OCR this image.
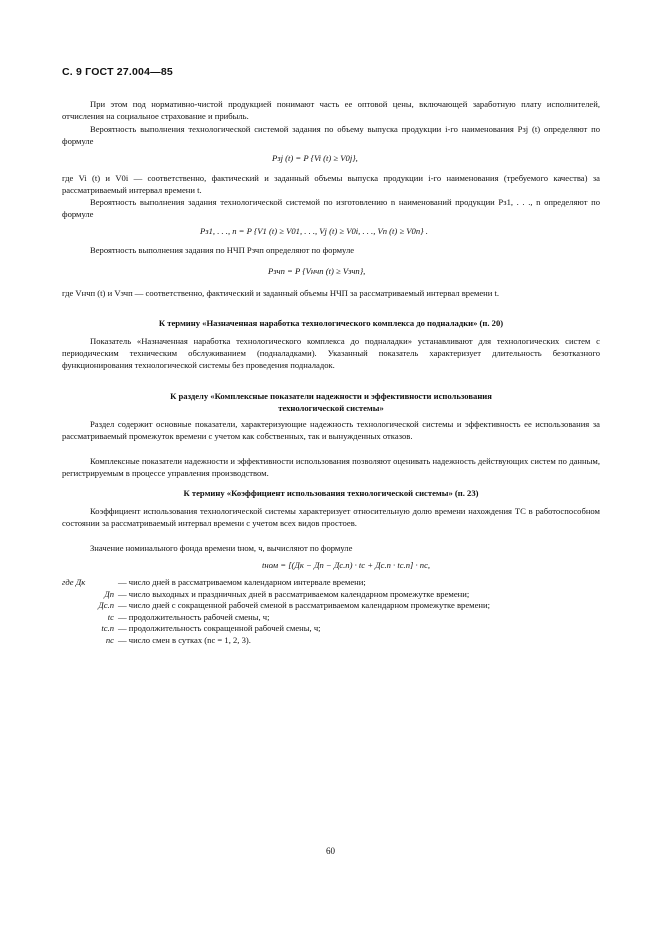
С. 9 ГОСТ 27.004—85
При этом под нормативно-чистой продукцией понимают часть ее оптовой цены, включающей заработную плату исполнителей, отчисления на социальное страхование и прибыль.
Вероятность выполнения технологической системой задания по объему выпуска продукции i-го наименования Pзj (t) определяют по формуле
Pзj (t) = P {Vi (t) ≥ V0j},
где Vi (t) и V0i — соответственно, фактический и заданный объемы выпуска продукции i-го наименования (требуемого качества) за рассматриваемый интервал времени t.
Вероятность выполнения задания технологической системой по изготовлению n наименований продукции Pз1, . . ., n определяют по формуле
Pз1, . . ., n = P {V1 (t) ≥ V01, . . ., Vj (t) ≥ V0i, . . ., Vn (t) ≥ V0n} .
Вероятность выполнения задания по НЧП Pзчп определяют по формуле
Pзчп = P {Vнчп (t) ≥ Vзчп},
где Vнчп (t) и Vзчп — соответственно, фактический и заданный объемы НЧП за рассматриваемый интервал времени t.
К термину «Назначенная наработка технологического комплекса до подналадки» (п. 20)
Показатель «Назначенная наработка технологического комплекса до подналадки» устанавливают для технологических систем с периодическим техническим обслуживанием (подналадками). Указанный показатель характеризует длительность безотказного функционирования технологической системы без проведения подналадок.
К разделу «Комплексные показатели надежности и эффективности использования технологической системы»
Раздел содержит основные показатели, характеризующие надежность технологической системы и эффективность ее использования за рассматриваемый промежуток времени с учетом как собственных, так и вынужденных отказов.
Комплексные показатели надежности и эффективности использования позволяют оценивать надежность действующих систем по данным, регистрируемым в процессе управления производством.
К термину «Коэффициент использования технологической системы» (п. 23)
Коэффициент использования технологической системы характеризует относительную долю времени нахождения ТС в работоспособном состоянии за рассматриваемый интервал времени с учетом всех видов простоев.
Значение номинального фонда времени tном, ч, вычисляют по формуле
tном = [(Дк − Дп − Дс.п) · tс + Дс.п · tс.п] · nс,
где Дк	— число дней в рассматриваемом календарном интервале времени;
Дп — число выходных и праздничных дней в рассматриваемом календарном промежутке времени;
Дс.п — число дней с сокращенной рабочей сменой в рассматриваемом календарном промежутке времени;
tс — продолжительность рабочей смены, ч;
tс.п — продолжительность сокращенной рабочей смены, ч;
nс — число смен в сутках (nс = 1, 2, 3).
60
